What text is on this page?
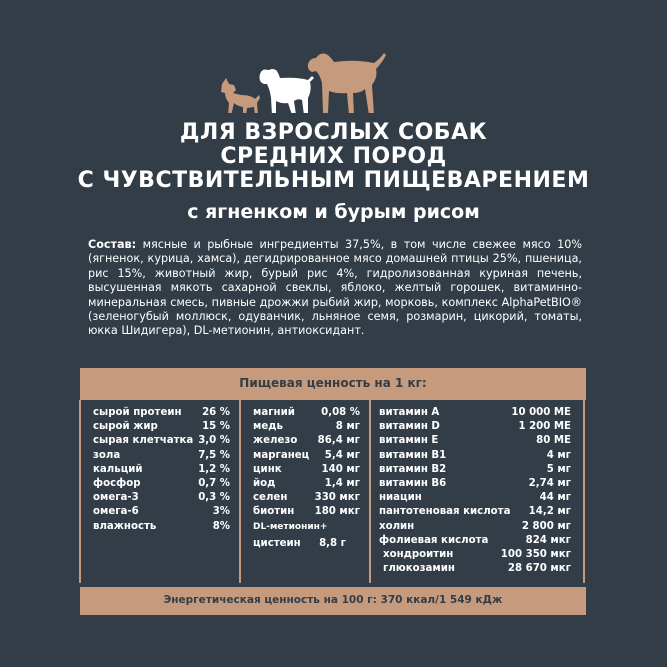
ДЛЯ ВЗРОСЛЫХ СОБАК
СРЕДНИХ ПОРОД
С ЧУВСТВИТЕЛЬНЫМ ПИЩЕВАРЕНИЕМ
с ягненком и бурым рисом
Состав: мясные и рыбные ингредиенты 37,5%, в том числе свежее мясо 10% (ягненок, курица, хамса), дегидрированное мясо домашней птицы 25%, пшеница, рис 15%, животный жир, бурый рис 4%, гидролизованная куриная печень, высушенная мякоть сахарной свеклы, яблоко, желтый горошек, витаминно-минеральная смесь, пивные дрожжи рыбий жир, морковь, комплекс AlphaPetBIO® (зеленогубый моллюск, одуванчик, льняное семя, розмарин, цикорий, томаты, юкка Шидигера), DL-метионин, антиоксидант.
Пищевая ценность на 1 кг:
сырой протеин 26 %
сырой жир	15 %
сырая клетчатка 3,0 %
зола	7,5 %
кальций	1,2 %
фосфор	0,7 %
омега-3	0,3 %
омега-6	3%
влажность	8%
магний	0,08 %
медь	8 мг
железо 86,4 мг
марганец 5,4 мг
цинк	140 мг
йод	1,4 мг
селен	330 мкг
биотин 180 мкг
DL-метионин+
цистеин 8,8 г
витамин А	10 000 МЕ
витамин D	1 200 МЕ
витамин Е	80 МЕ
витамин В1	4 мг
витамин В2	5 мг
витамин В6	2,74 мг
ниацин	44 мг
пантотеновая кислота 14,2 мг
холин	2 800 мг
фолиевая кислота	824 мкг
хондроитин	100 350 мкг
глюкозамин	28 670 мкг
Энергетическая ценность на 100 г: 370 ккал/1 549 кДж
